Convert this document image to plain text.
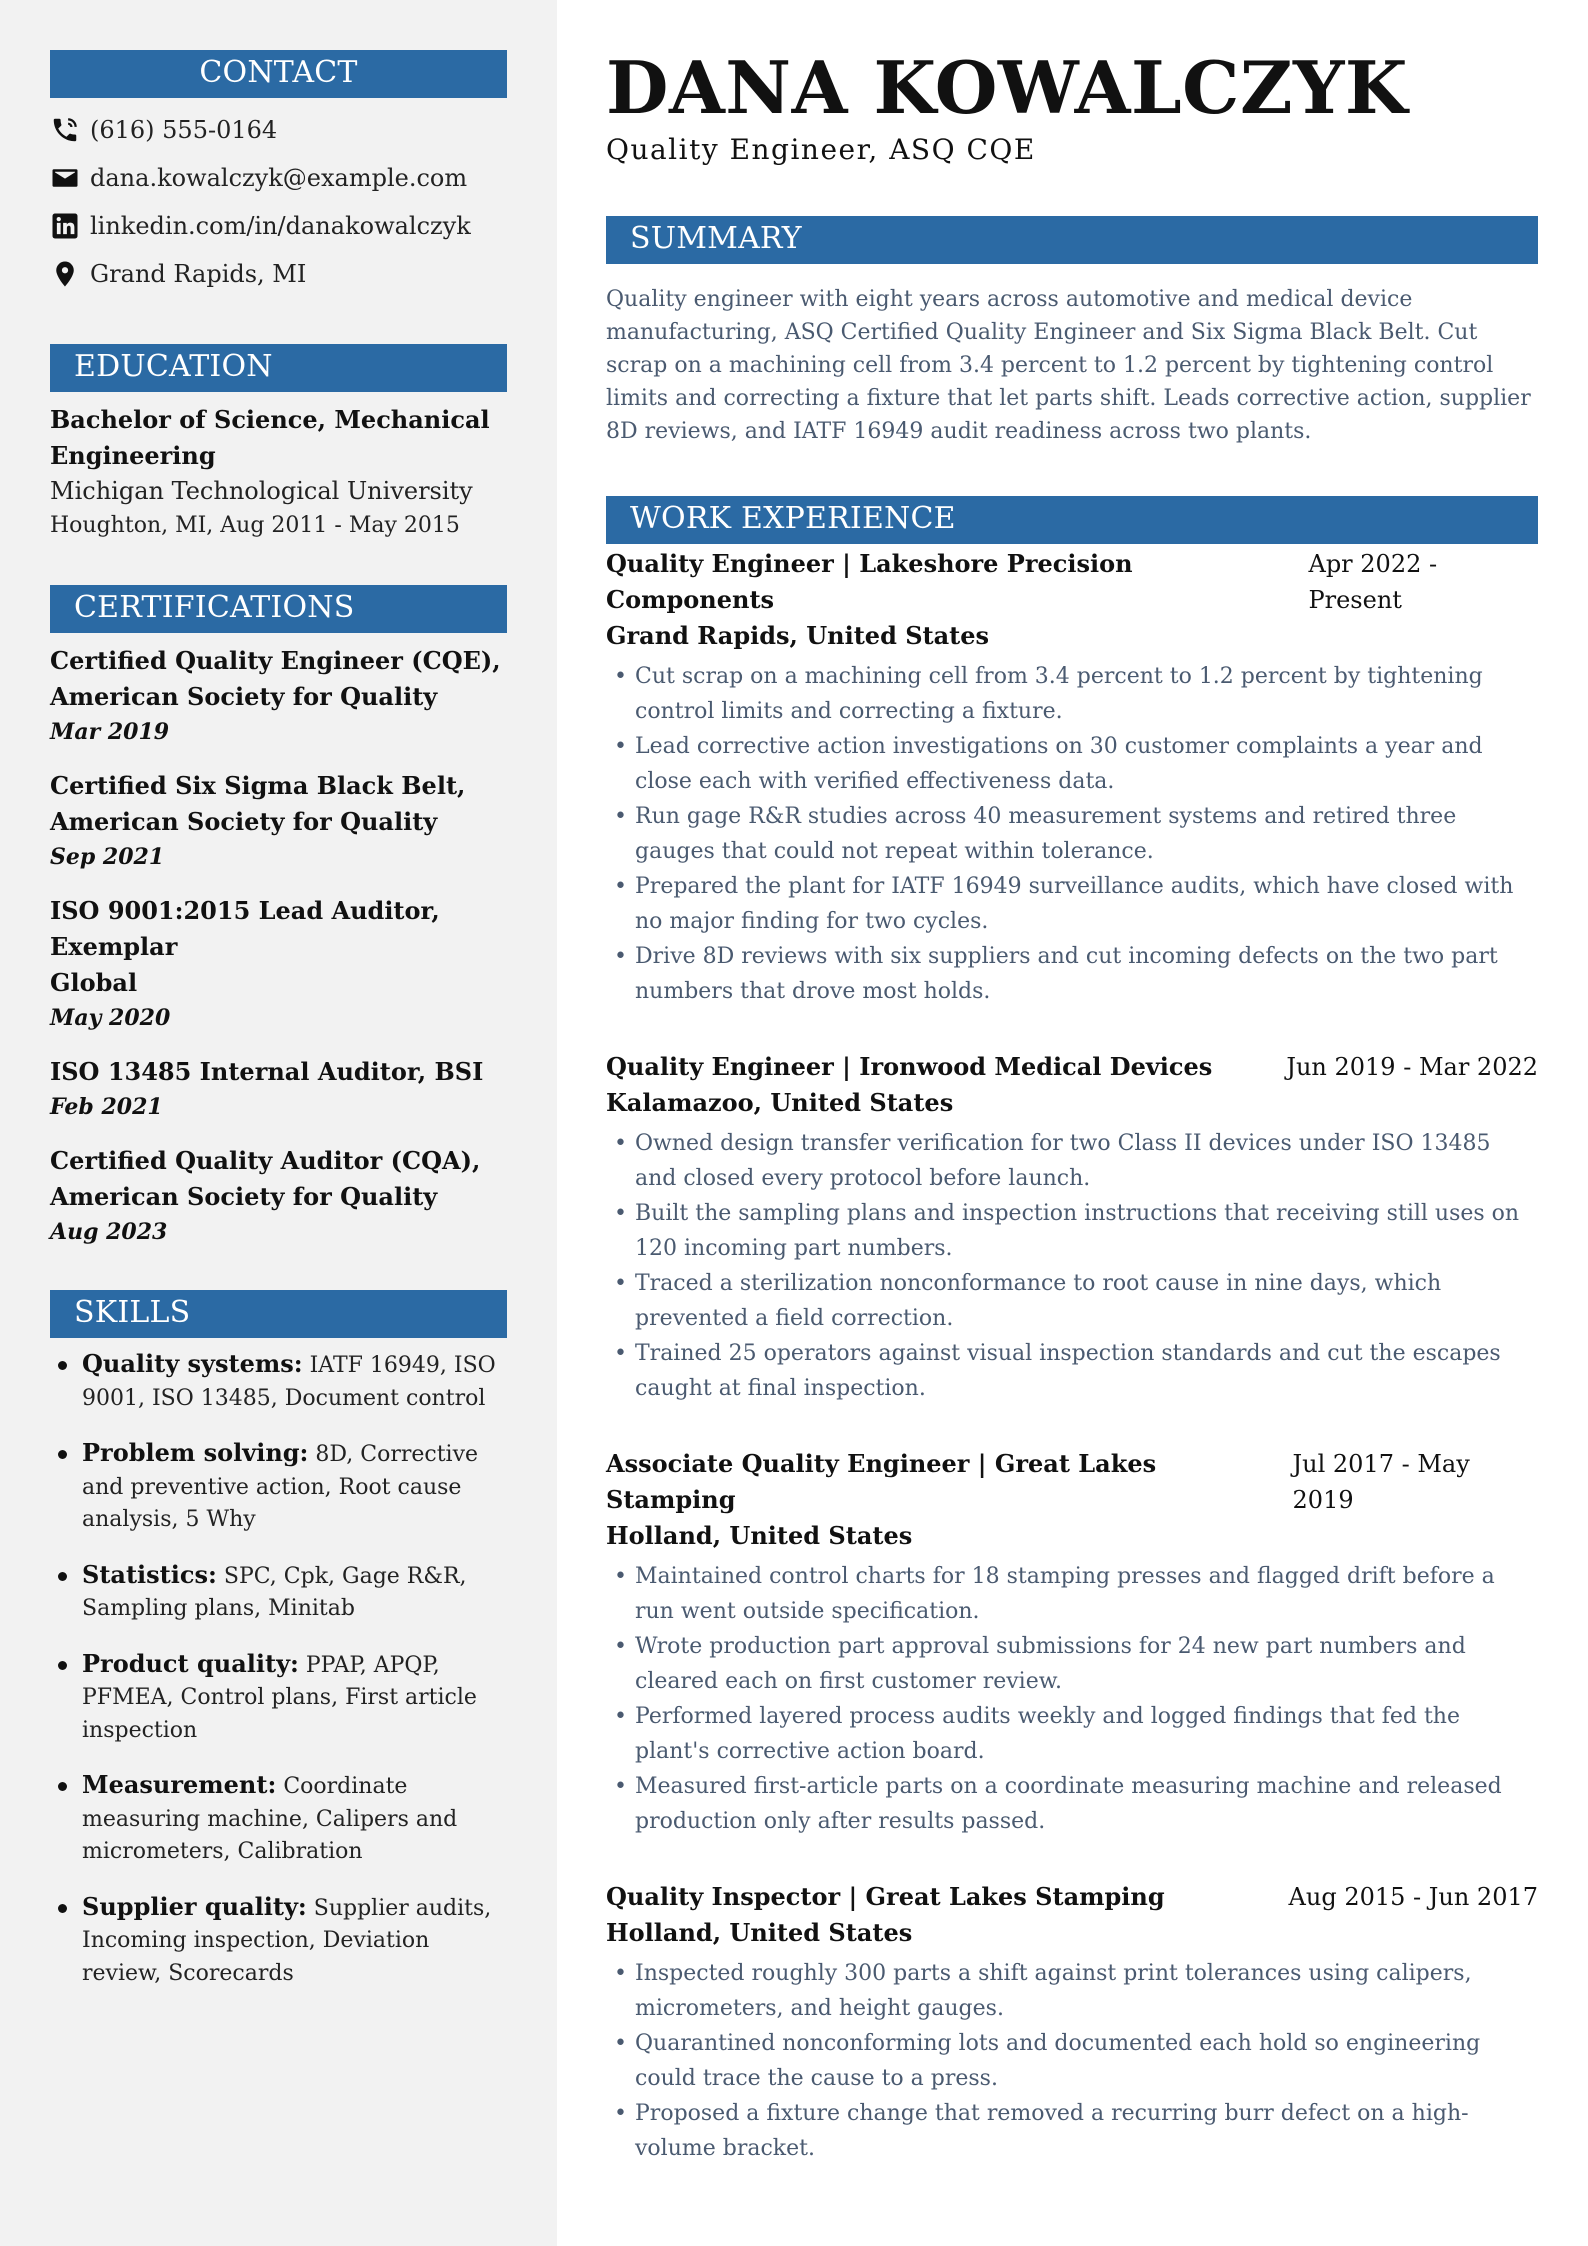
CONTACT
(616) 555-0164
dana.kowalczyk@example.com
linkedin.com/in/danakowalczyk
Grand Rapids, MI
EDUCATION
Bachelor of Science, Mechanical
Engineering
Michigan Technological University
Houghton, MI, Aug 2011 - May 2015
CERTIFICATIONS
Certified Quality Engineer (CQE),
American Society for Quality
Mar 2019
Certified Six Sigma Black Belt,
American Society for Quality
Sep 2021
ISO 9001:2015 Lead Auditor, Exemplar
Global
May 2020
ISO 13485 Internal Auditor, BSI
Feb 2021
Certified Quality Auditor (CQA),
American Society for Quality
Aug 2023
SKILLS
Quality systems: IATF 16949, ISO 9001, ISO 13485, Document control
Problem solving: 8D, Corrective and preventive action, Root cause analysis, 5 Why
Statistics: SPC, Cpk, Gage R&R, Sampling plans, Minitab
Product quality: PPAP, APQP, PFMEA, Control plans, First article inspection
Measurement: Coordinate measuring machine, Calipers and micrometers, Calibration
Supplier quality: Supplier audits, Incoming inspection, Deviation review, Scorecards
DANA KOWALCZYK
Quality Engineer, ASQ CQE
SUMMARY

Quality engineer with eight years across automotive and medical device manufacturing, ASQ Certified Quality Engineer and Six Sigma Black Belt. Cut scrap on a machining cell from 3.4 percent to 1.2 percent by tightening control limits and correcting a fixture that let parts shift. Leads corrective action, supplier 8D reviews, and IATF 16949 audit readiness across two plants.

WORK EXPERIENCE
Quality Engineer | Lakeshore Precision Components
Apr 2022 - Present
Grand Rapids, United States
• Cut scrap on a machining cell from 3.4 percent to 1.2 percent by tightening control limits and correcting a fixture.
• Lead corrective action investigations on 30 customer complaints a year and close each with verified effectiveness data.
• Run gage R&R studies across 40 measurement systems and retired three gauges that could not repeat within tolerance.
• Prepared the plant for IATF 16949 surveillance audits, which have closed with no major finding for two cycles.
• Drive 8D reviews with six suppliers and cut incoming defects on the two part numbers that drove most holds.
Quality Engineer | Ironwood Medical Devices	Jun 2019 - Mar 2022
Kalamazoo, United States
• Owned design transfer verification for two Class II devices under ISO 13485 and closed every protocol before launch.
• Built the sampling plans and inspection instructions that receiving still uses on 120 incoming part numbers.
• Traced a sterilization nonconformance to root cause in nine days, which prevented a field correction.
• Trained 25 operators against visual inspection standards and cut the escapes caught at final inspection.
Associate Quality Engineer | Great Lakes Stamping
Jul 2017 - May 2019
Holland, United States
• Maintained control charts for 18 stamping presses and flagged drift before a run went outside specification.
• Wrote production part approval submissions for 24 new part numbers and cleared each on first customer review.
• Performed layered process audits weekly and logged findings that fed the plant's corrective action board.
• Measured first-article parts on a coordinate measuring machine and released production only after results passed.
Quality Inspector | Great Lakes Stamping	Aug 2015 - Jun 2017
Holland, United States
• Inspected roughly 300 parts a shift against print tolerances using calipers, micrometers, and height gauges.
• Quarantined nonconforming lots and documented each hold so engineering could trace the cause to a press.
• Proposed a fixture change that removed a recurring burr defect on a high-volume bracket.
